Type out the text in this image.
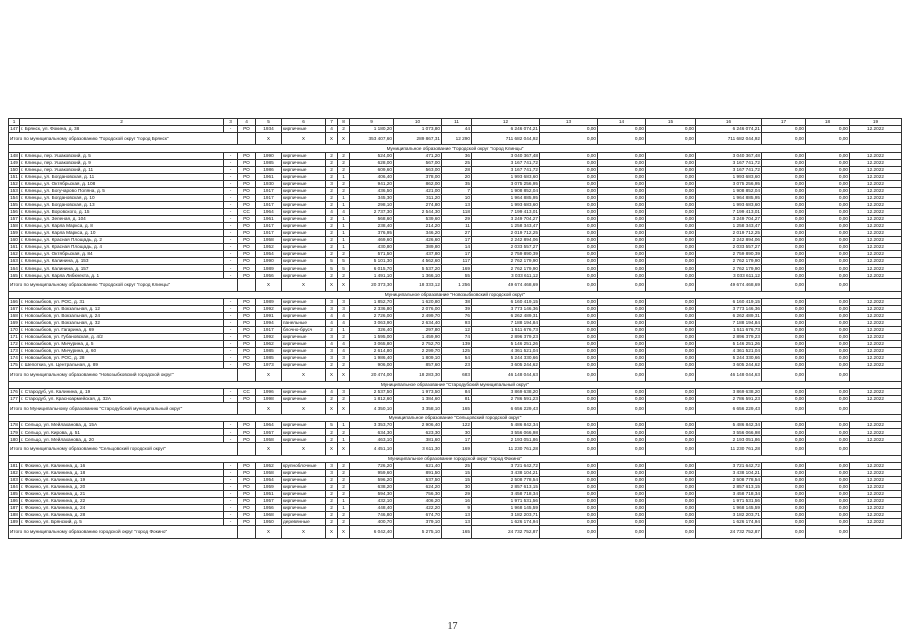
1	2	3	4	5	6	7	8	9	10	11	12	13	14	15	16	17	18	19
147	г. Брянск, ул. Фокина, д. 38	-	РО	1934	кирпичные	4	2	1 180,20	1 073,80	44	6 246 074,21	0,00	0,00	0,00	6 246 074,21	0,00	0,00	12.2022
Итого по муниципальному образованию "Городской округ "город Брянск"				X	X	X	X	353 407,60	289 867,31	12 290	711 682 044,92	0,00	0,00	0,00	711 682 044,92	0,00	0,00	
Муниципальное образование "Городской округ "город Клинцы"																		
148	г. Клинцы, пер. Ушаковский, д. 5	-	РО	1990	кирпичные	2	2	524,00	471,20	36	3 040 367,48	0,00	0,00	0,00	3 040 367,48	0,00	0,00	12.2022
149	г. Клинцы, пер. Ушаковский, д. 9	-	РО	1985	кирпичные	2	2	628,00	567,00	25	3 167 741,72	0,00	0,00	0,00	3 167 741,72	0,00	0,00	12.2022
150	г. Клинцы, пер. Ушаковский, д. 11	-	РО	1986	кирпичные	2	2	609,60	563,00	28	3 167 741,72	0,00	0,00	0,00	3 167 741,72	0,00	0,00	12.2022
151	г. Клинцы, ул. Богдановская, д. 11	-	РО	1961	кирпичные	2	1	406,40	378,00	20	1 993 683,60	0,00	0,00	0,00	1 993 683,60	0,00	0,00	12.2022
152	г. Клинцы, ул. Октябрьская, д. 108	-	РО	1930	кирпичные	3	2	941,20	862,00	35	3 075 256,95	0,00	0,00	0,00	3 075 256,95	0,00	0,00	12.2022
153	г. Клинцы, ул. Богучарово Поляна, д. 5	-	РО	1917	кирпичные	2	2	436,50	421,00	7	1 908 852,04	0,00	0,00	0,00	1 908 852,04	0,00	0,00	12.2022
154	г. Клинцы, ул. Богдановская, д. 10	-	РО	1917	кирпичные	2	1	345,30	311,20	10	1 964 885,95	0,00	0,00	0,00	1 964 885,95	0,00	0,00	12.2022
155	г. Клинцы, ул. Богдановская, д. 13	-	РО	1917	кирпичные	2	1	298,10	274,80	13	1 993 683,60	0,00	0,00	0,00	1 993 683,60	0,00	0,00	12.2022
156	г. Клинцы, ул. Воровского, д. 15	-	СС	1964	кирпичные	4	4	2 737,30	2 544,30	118	7 199 413,01	0,00	0,00	0,00	7 199 413,01	0,00	0,00	12.2022
157	г. Клинцы, ул. Зеленая, д. 104	-	РО	1961	кирпичные	2	1	568,60	539,60	29	3 249 704,27	0,00	0,00	0,00	3 249 704,27	0,00	0,00	12.2022
158	г. Клинцы, ул. Карла Маркса, д. 8	-	РО	1917	кирпичные	2	1	238,40	214,20	11	1 258 343,47	0,00	0,00	0,00	1 258 343,47	0,00	0,00	12.2022
159	г. Клинцы, ул. Карла Маркса, д. 10	-	РО	1917	кирпичные	2	1	376,95	346,20	27	2 019 712,25	0,00	0,00	0,00	2 019 712,25	0,00	0,00	12.2022
160	г. Клинцы, ул. Красная Площадь, д. 2	-	РО	1958	кирпичные	2	1	469,60	426,60	17	2 242 894,06	0,00	0,00	0,00	2 242 894,06	0,00	0,00	12.2022
161	г. Клинцы, ул. Красная Площадь, д. 4	-	РО	1952	кирпичные	2	1	430,80	389,80	14	2 033 557,27	0,00	0,00	0,00	2 033 557,27	0,00	0,00	12.2022
162	г. Клинцы, ул. Октябрьская, д. 84	-	РО	1954	кирпичные	2	2	571,50	437,80	17	2 759 890,39	0,00	0,00	0,00	2 759 890,39	0,00	0,00	12.2022
163	г. Клинцы, ул. Калинина, д. 153	-	РО	1990	кирпичные	5	5	5 101,30	4 562,60	117	2 762 179,90	0,00	0,00	0,00	2 762 179,90	0,00	0,00	12.2022
164	г. Клинцы, ул. Калинина, д. 157	-	РО	1989	кирпичные	5	5	6 015,70	5 537,20	169	2 762 179,90	0,00	0,00	0,00	2 762 179,90	0,00	0,00	12.2022
165	г. Клинцы, ул. Карла Либкнехта, д. 1	-	РО	1956	кирпичные	2	2	1 491,10	1 366,10	55	3 033 611,12	0,00	0,00	0,00	3 033 611,12	0,00	0,00	12.2022
Итого по муниципальному образованию "Городской округ "город Клинцы"				X	X	X	X	20 373,30	18 333,12	1 256	49 674 468,69	0,00	0,00	0,00	49 674 468,69	0,00	0,00	
Муниципальное образование "Новозыбковский городской округ"																		
166	г. Новозыбков, ул. РОС, д. 31	-	РО	1989	кирпичные	3	3	1 852,70	1 620,80	38	6 160 419,15	0,00	0,00	0,00	6 160 419,15	0,00	0,00	12.2022
167	г. Новозыбков, ул. Вокзальная, д. 12	-	РО	1992	кирпичные	3	3	2 336,80	2 076,00	39	3 773 146,36	0,00	0,00	0,00	3 773 146,36	0,00	0,00	12.2022
168	г. Новозыбков, ул. Вокзальная, д. 24	-	РО	1991	кирпичные	4	4	2 726,00	2 499,70	76	6 262 489,31	0,00	0,00	0,00	6 262 489,31	0,00	0,00	12.2022
169	г. Новозыбков, ул. Вокзальная, д. 32	-	РО	1994	панельные	4	4	3 063,90	2 634,40	93	7 188 194,84	0,00	0,00	0,00	7 188 194,84	0,00	0,00	12.2022
170	г. Новозыбков, ул. Гагарина, д. 69	-	РО	1917	блочно-брусч	2	1	326,40	297,80	12	1 511 676,73	0,00	0,00	0,00	1 511 676,73	0,00	0,00	12.2022
171	г. Новозыбков, ул. Губановская, д. 4/2	-	РО	1992	кирпичные	3	2	1 595,00	1 459,90	74	2 896 379,23	0,00	0,00	0,00	2 896 379,23	0,00	0,00	12.2022
172	г. Новозыбков, ул. Мичурина, д. 5	-	РО	1962	кирпичные	4	4	3 065,80	2 752,70	139	5 146 251,26	0,00	0,00	0,00	5 146 251,26	0,00	0,00	12.2022
173	г. Новозыбков, ул. Мичурина, д. 60	-	РО	1985	кирпичные	3	4	2 614,80	2 299,70	125	4 361 521,04	0,00	0,00	0,00	4 361 521,04	0,00	0,00	12.2022
174	г. Новозыбков, ул. РОС, д. 28	-	РО	1985	кирпичные	3	3	1 986,40	1 809,10	54	5 244 330,66	0,00	0,00	0,00	5 244 330,66	0,00	0,00	12.2022
175	г. Шепоткиз, ул. Центральная, д. 89	-	РО	1973	кирпичные	2	2	906,00	857,60	23	3 605 244,62	0,00	0,00	0,00	3 605 244,62	0,00	0,00	12.2022
Итого по муниципальному образованию "Новозыбковский городской округ"				X	X	X	X	20 474,00	18 283,30	683	46 148 044,63	0,00	0,00	0,00	46 148 044,63	0,00	0,00	
Муниципальное образование "Стародубский муниципальный округ"																		
176	г. Стародуб, ул. Калинина, д. 19	-	СС	1996	кирпичные	4	3	2 537,50	1 973,50	84	3 869 638,20	0,00	0,00	0,00	3 869 638,20	0,00	0,00	12.2022
177	г. Стародуб, ул. Красноармейская, д. 32А	-	РО	1998	кирпичные	2	2	1 812,60	1 384,60	81	2 786 591,23	0,00	0,00	0,00	2 786 591,23	0,00	0,00	12.2022
Итого по Муниципальному образованию "Стародубский муниципальный округ"				X	X	X	X	4 350,10	3 358,10	165	6 656 229,43	0,00	0,00	0,00	6 656 229,43	0,00	0,00	
Муниципальное образование "Сельцовский городской округ"																		
178	г. Сельцо, ул. Мейлаханова, д. 15А	-	РО	1964	кирпичные	5	1	3 353,70	2 906,40	122	5 486 842,34	0,00	0,00	0,00	5 486 842,34	0,00	0,00	12.2022
179	г. Сельцо, ул. Кирова, д. 51	-	РО	1957	кирпичные	2	2	634,30	623,30	30	3 556 066,98	0,00	0,00	0,00	3 556 066,98	0,00	0,00	12.2022
180	г. Сельцо, ул. Мейлаханова, д. 20	-	РО	1958	кирпичные	2	1	463,10	381,60	17	2 193 051,86	0,00	0,00	0,00	2 193 051,86	0,00	0,00	12.2022
Итого по муниципальному образованию "Сельцовский городской округ"				X	X	X	X	4 451,10	3 611,30	169	11 230 761,28	0,00	0,00	0,00	11 230 761,28	0,00	0,00	
Муниципальное образование городской округ "город Фокино"																		
181	г. Фокино, ул. Калинина, д. 16	-	РО	1952	крупноблочные	3	2	726,20	621,40	25	3 721 642,72	0,00	0,00	0,00	3 721 642,72	0,00	0,00	12.2022
182	г. Фокино, ул. Калинина, д. 18	-	РО	1958	кирпичные	3	2	959,60	891,50	15	3 438 104,21	0,00	0,00	0,00	3 438 104,21	0,00	0,00	12.2022
183	г. Фокино, ул. Калинина, д. 19	-	РО	1954	кирпичные	2	2	596,20	537,50	15	2 508 778,54	0,00	0,00	0,00	2 508 778,54	0,00	0,00	12.2022
184	г. Фокино, ул. Калинина, д. 20	-	РО	1959	кирпичные	2	2	638,20	624,20	30	2 857 613,15	0,00	0,00	0,00	2 857 613,15	0,00	0,00	12.2022
185	г. Фокино, ул. Калинина, д. 21	-	РО	1951	кирпичные	2	2	594,30	756,30	29	3 458 718,34	0,00	0,00	0,00	3 458 718,34	0,00	0,00	12.2022
186	г. Фокино, ул. Калинина, д. 22	-	РО	1957	кирпичные	2	1	432,10	406,20	16	1 971 531,56	0,00	0,00	0,00	1 971 531,56	0,00	0,00	12.2022
187	г. Фокино, ул. Калинина, д. 24	-	РО	1956	кирпичные	2	1	448,40	422,20	9	1 968 145,59	0,00	0,00	0,00	1 968 145,59	0,00	0,00	12.2022
188	г. Фокино, ул. Калинина, д. 28	-	РО	1968	кирпичные	2	2	746,80	674,70	13	3 182 203,71	0,00	0,00	0,00	3 182 203,71	0,00	0,00	12.2022
189	г. Фокино, ул. Брянский, д. 5	-	РО	1950	деревянные	2	2	400,70	379,10	13	1 626 174,94	0,00	0,00	0,00	1 626 174,94	0,00	0,00	12.2022
Итого по муниципальному образованию городской округ "город Фокино"				X	X	X	X	6 042,40	5 275,10	165	24 732 752,87	0,00	0,00	0,00	24 732 752,87	0,00	0,00	
17
